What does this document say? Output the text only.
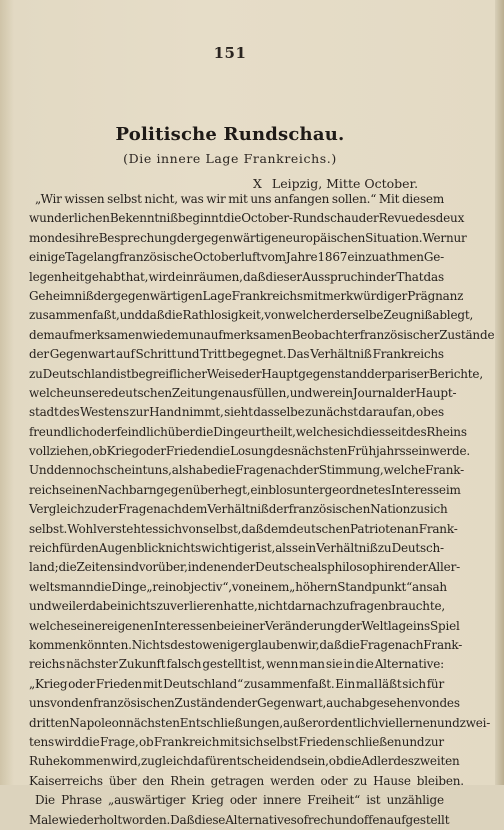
151
Politische Rundschau.
(Die innere Lage Frankreichs.)
X Leipzig, Mitte October.
„Wir wissen selbst nicht, was wir mit uns anfangen sollen.“ Mit diesem
wunderlichen Bekenntniß beginnt die October-Rundschau der Revue des deux
mondes ihre Besprechung der gegenwärtigen europäischen Situation. Wer nur
einige Tage lang französische Octoberluft vom Jahre 1867 einzuathmen Ge-
legenheit gehabt hat, wird einräumen, daß dieser Ausspruch in der That das
Geheimniß der gegenwärtigen Lage Frankreichs mit merkwürdiger Prägnanz
zusammenfaßt, und daß die Rathlosigkeit, von welcher derselbe Zeugniß ablegt,
dem aufmerksamen wie dem unaufmerksamen Beobachter französischer Zustände
der Gegenwart auf Schritt und Tritt begegnet. Das Verhältniß Frankreichs
zu Deutschland ist begreiflicher Weise der Hauptgegenstand der pariser Berichte,
welche unsere deutschen Zeitungen ausfüllen, und wer ein Journal der Haupt-
stadt des Westens zur Hand nimmt, sieht dasselbe zunächst darauf an, ob es
freundlich oder feindlich über die Dinge urtheilt, welche sich diesseit des Rheins
vollziehen, ob Krieg oder Frieden die Losung des nächsten Frühjahrs sein werde.
Und dennoch scheint uns, als habe die Frage nach der Stimmung, welche Frank-
reich seinen Nachbarn gegenüber hegt, ein blos untergeordnetes Interesse im
Vergleich zu der Frage nach dem Verhältniß der französischen Nation zu sich
selbst. Wohl versteht es sich von selbst, daß dem deutschen Patrioten an Frank-
reich für den Augenblick nichts wichtiger ist, als sein Verhältniß zu Deutsch-
land; die Zeiten sind vorüber, in denen der Deutsche als philosophirender Aller-
weltsmann die Dinge „rein objectiv“, von einem „höhern Standpunkt“ ansah
und weil er dabei nichts zu verlieren hatte, nicht darnach zu fragen brauchte,
welche seiner eigenen Interessen bei einer Veränderung der Weltlage ins Spiel
kommen könnten. Nichts desto weniger glauben wir, daß die Frage nach Frank-
reichs nächster Zukunft falsch gestellt ist, wenn man sie in die Alternative:
„Krieg oder Frieden mit Deutschland“ zusammenfaßt. Ein mal läßt sich für
uns von den französischen Zuständen der Gegenwart, auch abgesehen von des
dritten Napoleon nächsten Entschließungen, außerordentlich viel lernen und zwei-
tens wird die Frage, ob Frankreich mit sich selbst Frieden schließen und zur
Ruhe kommen wird, zugleich dafür entscheidend sein, ob die Adler des zweiten
Kaiserreichs über den Rhein getragen werden oder zu Hause bleiben.
Die Phrase „auswärtiger Krieg oder innere Freiheit“ ist unzählige
Male wiederholt worden. Daß diese Alternative so frech und offen aufgestellt
